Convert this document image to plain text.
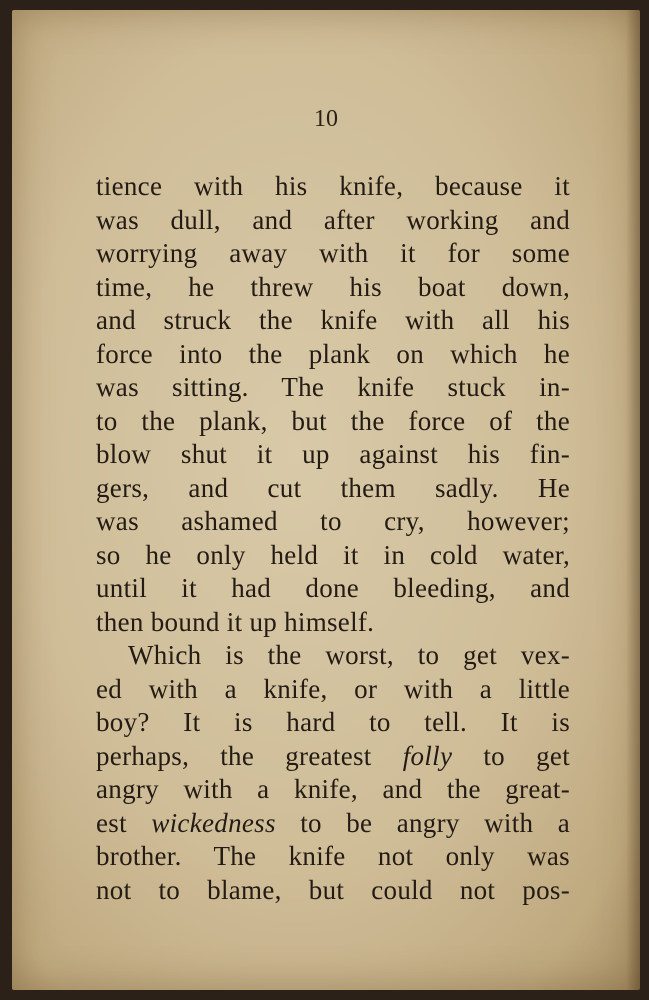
10
tience with his knife, because it
was dull, and after working and
worrying away with it for some
time, he threw his boat down,
and struck the knife with all his
force into the plank on which he
was sitting. The knife stuck in-
to the plank, but the force of the
blow shut it up against his fin-
gers, and cut them sadly. He
was ashamed to cry, however;
so he only held it in cold water,
until it had done bleeding, and
then bound it up himself.
Which is the worst, to get vex-
ed with a knife, or with a little
boy? It is hard to tell. It is
perhaps, the greatest folly to get
angry with a knife, and the great-
est wickedness to be angry with a
brother. The knife not only was
not to blame, but could not pos-
